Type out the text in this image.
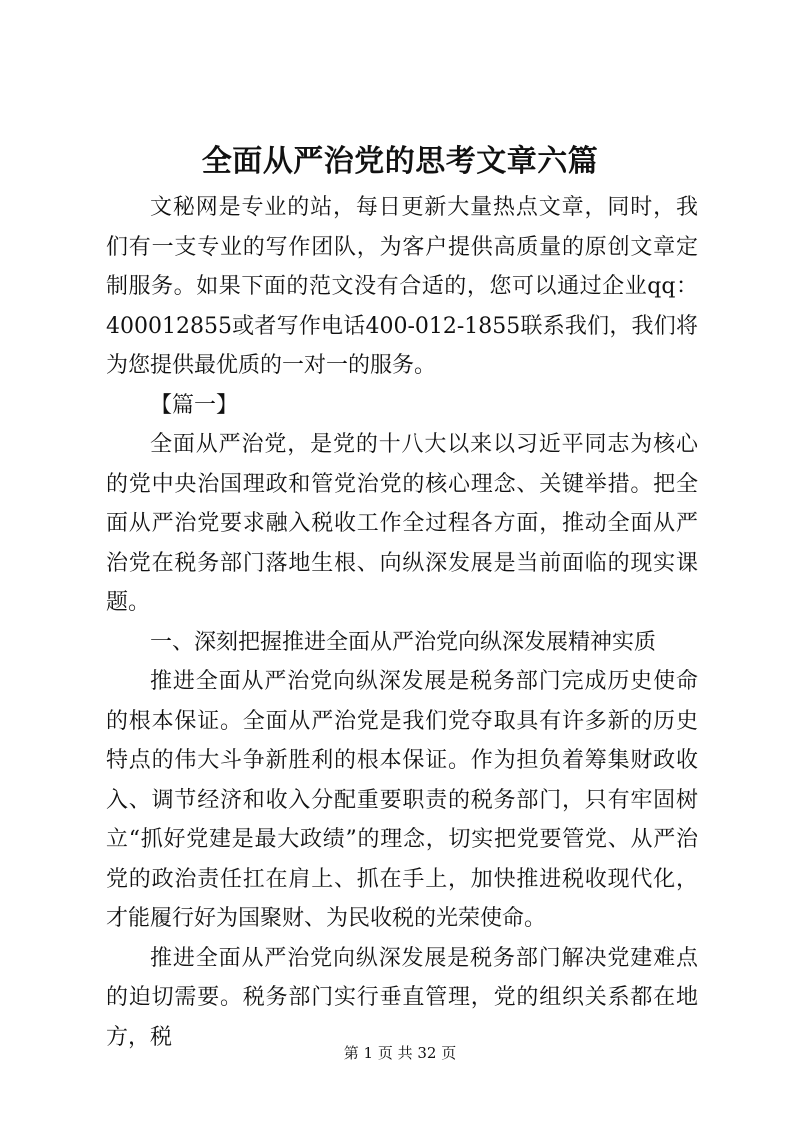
全面从严治党的思考文章六篇

文秘网是专业的站，每日更新大量热点文章，同时，我们有一支专业的写作团队，为客户提供高质量的原创文章定制服务。如果下面的范文没有合适的，您可以通过企业qq：400012855或者写作电话400-012-1855联系我们，我们将为您提供最优质的一对一的服务。

【篇一】

全面从严治党，是党的十八大以来以习近平同志为核心的党中央治国理政和管党治党的核心理念、关键举措。把全面从严治党要求融入税收工作全过程各方面，推动全面从严治党在税务部门落地生根、向纵深发展是当前面临的现实课题。

一、深刻把握推进全面从严治党向纵深发展精神实质

推进全面从严治党向纵深发展是税务部门完成历史使命的根本保证。全面从严治党是我们党夺取具有许多新的历史特点的伟大斗争新胜利的根本保证。作为担负着筹集财政收入、调节经济和收入分配重要职责的税务部门，只有牢固树立“抓好党建是最大政绩”的理念，切实把党要管党、从严治党的政治责任扛在肩上、抓在手上，加快推进税收现代化，才能履行好为国聚财、为民收税的光荣使命。

推进全面从严治党向纵深发展是税务部门解决党建难点的迫切需要。税务部门实行垂直管理，党的组织关系都在地方，税

第 1 页 共 32 页
